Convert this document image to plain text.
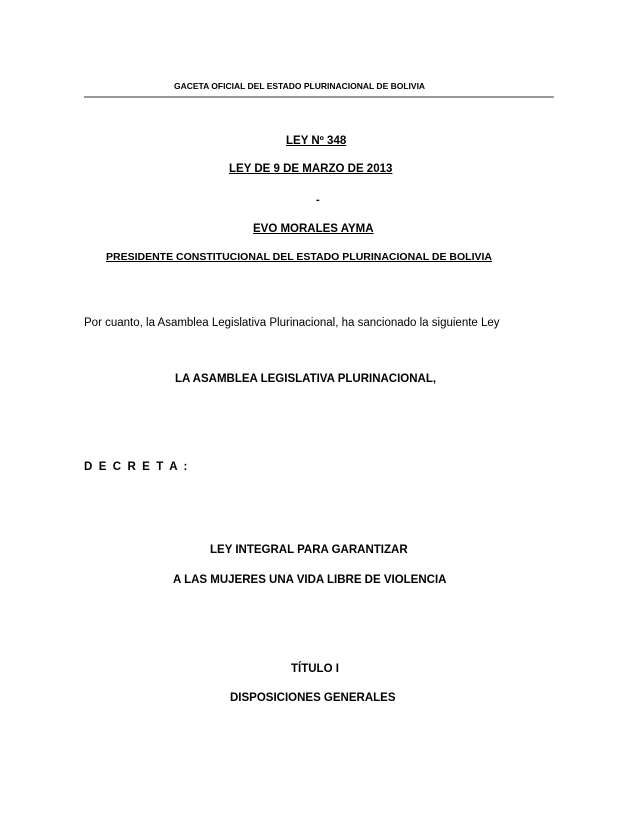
GACETA OFICIAL DEL ESTADO PLURINACIONAL DE BOLIVIA
LEY Nº 348
LEY DE 9 DE MARZO DE 2013
-
EVO MORALES AYMA
PRESIDENTE CONSTITUCIONAL DEL ESTADO PLURINACIONAL DE BOLIVIA
Por cuanto, la Asamblea Legislativa Plurinacional, ha sancionado la siguiente Ley
LA ASAMBLEA LEGISLATIVA PLURINACIONAL,
D E C R E T A :
LEY INTEGRAL PARA GARANTIZAR
A LAS MUJERES UNA VIDA LIBRE DE VIOLENCIA
TÍTULO I
DISPOSICIONES GENERALES
